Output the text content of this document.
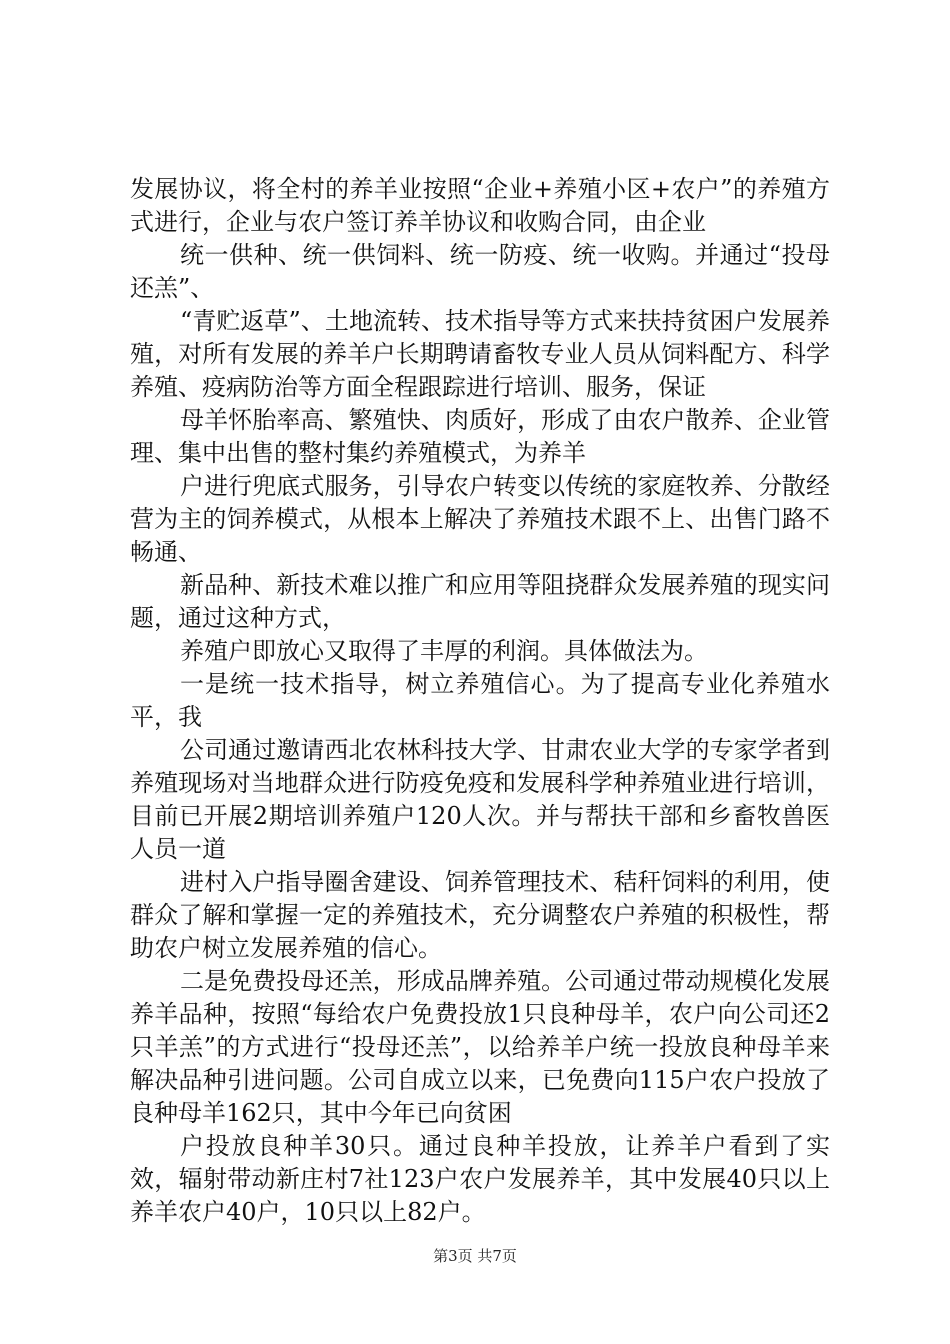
发展协议，将全村的养羊业按照“企业+养殖小区+农户”的养殖方式进行，企业与农户签订养羊协议和收购合同，由企业

统一供种、统一供饲料、统一防疫、统一收购。并通过“投母还羔”、

“青贮返草”、土地流转、技术指导等方式来扶持贫困户发展养殖，对所有发展的养羊户长期聘请畜牧专业人员从饲料配方、科学养殖、疫病防治等方面全程跟踪进行培训、服务，保证

母羊怀胎率高、繁殖快、肉质好，形成了由农户散养、企业管理、集中出售的整村集约养殖模式，为养羊

户进行兜底式服务，引导农户转变以传统的家庭牧养、分散经营为主的饲养模式，从根本上解决了养殖技术跟不上、出售门路不畅通、

新品种、新技术难以推广和应用等阻挠群众发展养殖的现实问题，通过这种方式，

养殖户即放心又取得了丰厚的利润。具体做法为。

一是统一技术指导，树立养殖信心。为了提高专业化养殖水平，我

公司通过邀请西北农林科技大学、甘肃农业大学的专家学者到养殖现场对当地群众进行防疫免疫和发展科学种养殖业进行培训，目前已开展2期培训养殖户120人次。并与帮扶干部和乡畜牧兽医人员一道

进村入户指导圈舍建设、饲养管理技术、秸秆饲料的利用，使群众了解和掌握一定的养殖技术，充分调整农户养殖的积极性，帮助农户树立发展养殖的信心。

二是免费投母还羔，形成品牌养殖。公司通过带动规模化发展养羊品种，按照“每给农户免费投放1只良种母羊，农户向公司还2只羊羔”的方式进行“投母还羔”，以给养羊户统一投放良种母羊来解决品种引进问题。公司自成立以来，已免费向115户农户投放了良种母羊162只，其中今年已向贫困

户投放良种羊30只。通过良种羊投放，让养羊户看到了实效，辐射带动新庄村7社123户农户发展养羊，其中发展40只以上养羊农户40户，10只以上82户。

第3页 共7页
